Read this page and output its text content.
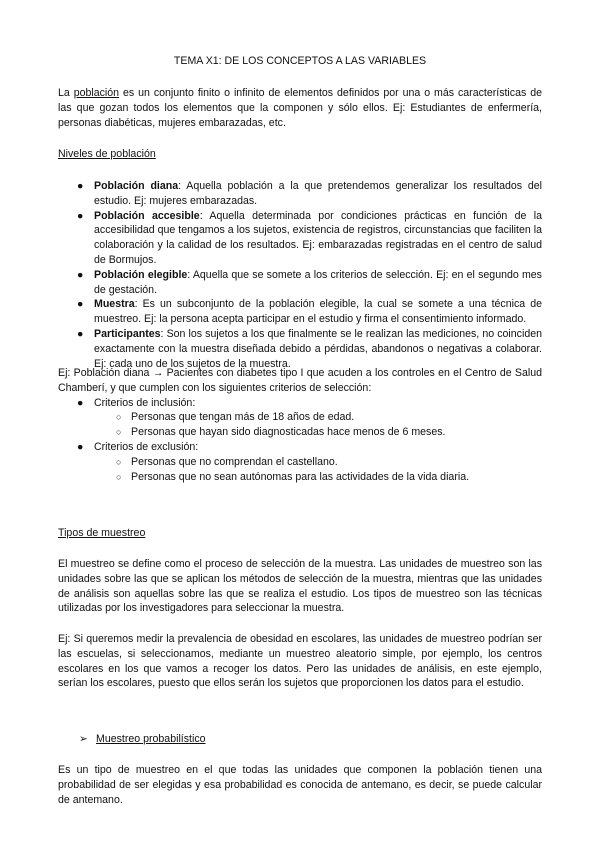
TEMA X1: DE LOS CONCEPTOS A LAS VARIABLES
La población es un conjunto finito o infinito de elementos definidos por una o más características de las que gozan todos los elementos que la componen y sólo ellos. Ej: Estudiantes de enfermería, personas diabéticas, mujeres embarazadas, etc.
Niveles de población
● Población diana: Aquella población a la que pretendemos generalizar los resultados del estudio. Ej: mujeres embarazadas.
● Población accesible: Aquella determinada por condiciones prácticas en función de la accesibilidad que tengamos a los sujetos, existencia de registros, circunstancias que faciliten la colaboración y la calidad de los resultados. Ej: embarazadas registradas en el centro de salud de Bormujos.
● Población elegible: Aquella que se somete a los criterios de selección. Ej: en el segundo mes de gestación.
● Muestra: Es un subconjunto de la población elegible, la cual se somete a una técnica de muestreo. Ej: la persona acepta participar en el estudio y firma el consentimiento informado.
● Participantes: Son los sujetos a los que finalmente se le realizan las mediciones, no coinciden exactamente con la muestra diseñada debido a pérdidas, abandonos o negativas a colaborar. Ej: cada uno de los sujetos de la muestra.
Ej: Población diana → Pacientes con diabetes tipo I que acuden a los controles en el Centro de Salud Chamberí, y que cumplen con los siguientes criterios de selección:
● Criterios de inclusión:
○ Personas que tengan más de 18 años de edad.
○ Personas que hayan sido diagnosticadas hace menos de 6 meses.
● Criterios de exclusión:
○ Personas que no comprendan el castellano.
○ Personas que no sean autónomas para las actividades de la vida diaria.
Tipos de muestreo
El muestreo se define como el proceso de selección de la muestra. Las unidades de muestreo son las unidades sobre las que se aplican los métodos de selección de la muestra, mientras que las unidades de análisis son aquellas sobre las que se realiza el estudio. Los tipos de muestreo son las técnicas utilizadas por los investigadores para seleccionar la muestra.
Ej: Si queremos medir la prevalencia de obesidad en escolares, las unidades de muestreo podrían ser las escuelas, si seleccionamos, mediante un muestreo aleatorio simple, por ejemplo, los centros escolares en los que vamos a recoger los datos. Pero las unidades de análisis, en este ejemplo, serían los escolares, puesto que ellos serán los sujetos que proporcionen los datos para el estudio.
➢ Muestreo probabilístico
Es un tipo de muestreo en el que todas las unidades que componen la población tienen una probabilidad de ser elegidas y esa probabilidad es conocida de antemano, es decir, se puede calcular de antemano.
